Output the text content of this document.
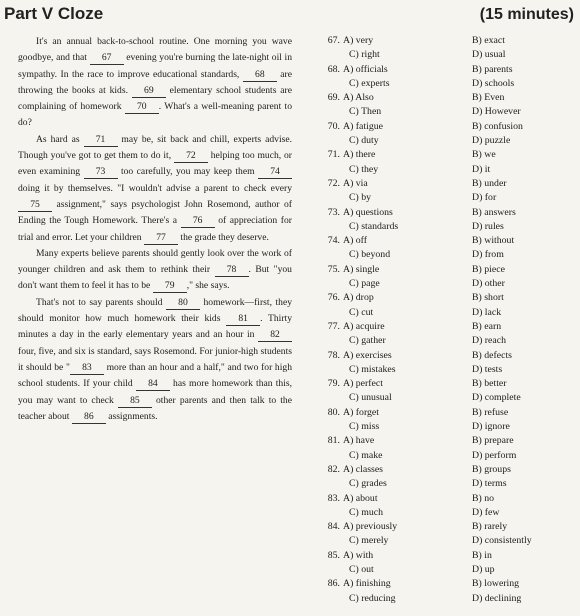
Part V Cloze	(15 minutes)

It's an annual back-to-school routine. One morning you wave goodbye, and that 67 evening you're burning the late-night oil in sympathy. In the race to improve educational standards, 68 are throwing the books at kids. 69 elementary school students are complaining of homework 70 . What's a well-meaning parent to do?

As hard as 71 may be, sit back and chill, experts advise. Though you've got to get them to do it, 72 helping too much, or even examining 73 too carefully, you may keep them 74 doing it by themselves. "I wouldn't advise a parent to check every 75 assignment," says psychologist John Rosemond, author of Ending the Tough Homework. There's a 76 of appreciation for trial and error. Let your children 77 the grade they deserve.

Many experts believe parents should gently look over the work of younger children and ask them to rethink their 78 . But "you don't want them to feel it has to be 79 ," she says.

That's not to say parents should 80 homework—first, they should monitor how much homework their kids 81 . Thirty minutes a day in the early elementary years and an hour in 82 four, five, and six is standard, says Rosemond. For junior-high students it should be " 83 more than an hour and a half," and two for high school students. If your child 84 has more homework than this, you may want to check 85 other parents and then talk to the teacher about 86 assignments.

67. A) very	B) exact
C) right	D) usual
68. A) officials	B) parents
C) experts	D) schools
69. A) Also	B) Even
C) Then	D) However
70. A) fatigue	B) confusion
C) duty	D) puzzle
71. A) there	B) we
C) they	D) it
72. A) via	B) under
C) by	D) for
73. A) questions	B) answers
C) standards	D) rules
74. A) off	B) without
C) beyond	D) from
75. A) single	B) piece
C) page	D) other
76. A) drop	B) short
C) cut	D) lack
77. A) acquire	B) earn
C) gather	D) reach
78. A) exercises	B) defects
C) mistakes	D) tests
79. A) perfect	B) better
C) unusual	D) complete
80. A) forget	B) refuse
C) miss	D) ignore
81. A) have	B) prepare
C) make	D) perform
82. A) classes	B) groups
C) grades	D) terms
83. A) about	B) no
C) much	D) few
84. A) previously	B) rarely
C) merely	D) consistently
85. A) with	B) in
C) out	D) up
86. A) finishing	B) lowering
C) reducing	D) declining
